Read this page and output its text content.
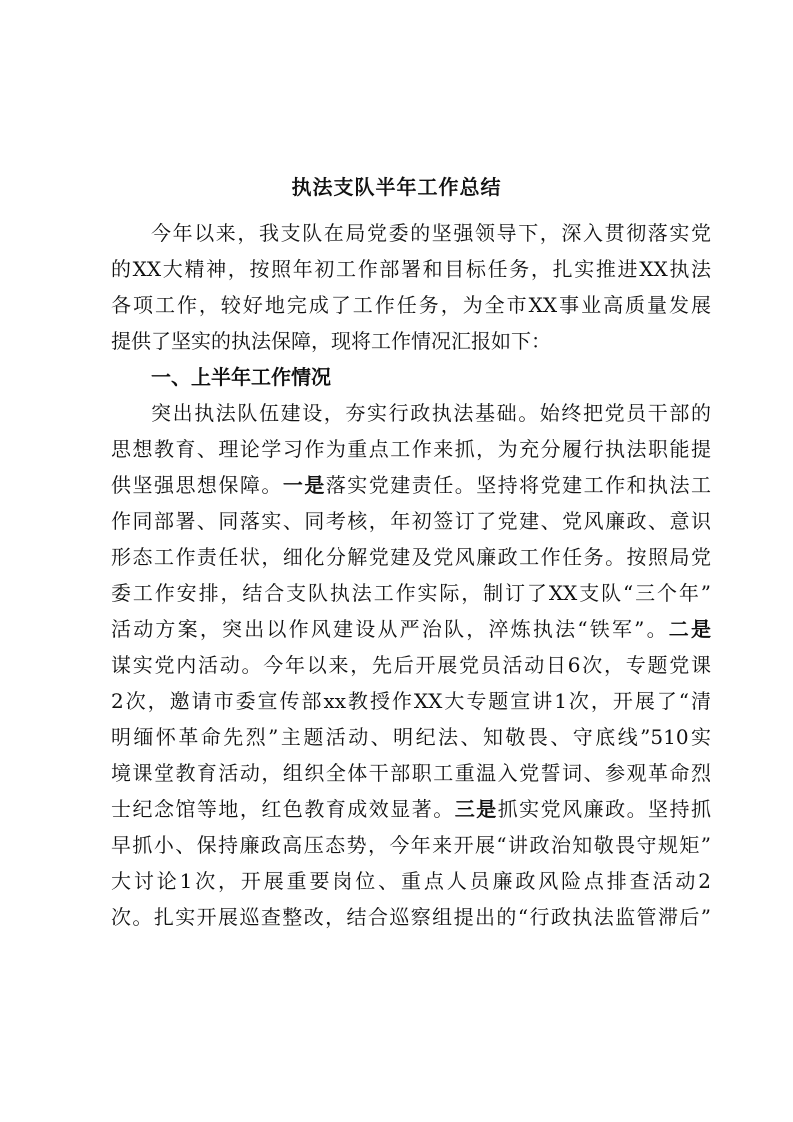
执法支队半年工作总结
今年以来，我支队在局党委的坚强领导下，深入贯彻落实党
的XX大精神，按照年初工作部署和目标任务，扎实推进XX执法
各项工作，较好地完成了工作任务，为全市XX事业高质量发展
提供了坚实的执法保障，现将工作情况汇报如下：
一、上半年工作情况
突出执法队伍建设，夯实行政执法基础。始终把党员干部的
思想教育、理论学习作为重点工作来抓，为充分履行执法职能提
供坚强思想保障。一是落实党建责任。坚持将党建工作和执法工
作同部署、同落实、同考核，年初签订了党建、党风廉政、意识
形态工作责任状，细化分解党建及党风廉政工作任务。按照局党
委工作安排，结合支队执法工作实际，制订了XX支队“三个年”
活动方案，突出以作风建设从严治队，淬炼执法“铁军”。二是
谋实党内活动。今年以来，先后开展党员活动日6次，专题党课
2次，邀请市委宣传部xx教授作XX大专题宣讲1次，开展了“清
明缅怀革命先烈”主题活动、明纪法、知敬畏、守底线”510实
境课堂教育活动，组织全体干部职工重温入党誓词、参观革命烈
士纪念馆等地，红色教育成效显著。三是抓实党风廉政。坚持抓
早抓小、保持廉政高压态势，今年来开展“讲政治知敬畏守规矩”
大讨论1次，开展重要岗位、重点人员廉政风险点排查活动2
次。扎实开展巡查整改，结合巡察组提出的“行政执法监管滞后”
